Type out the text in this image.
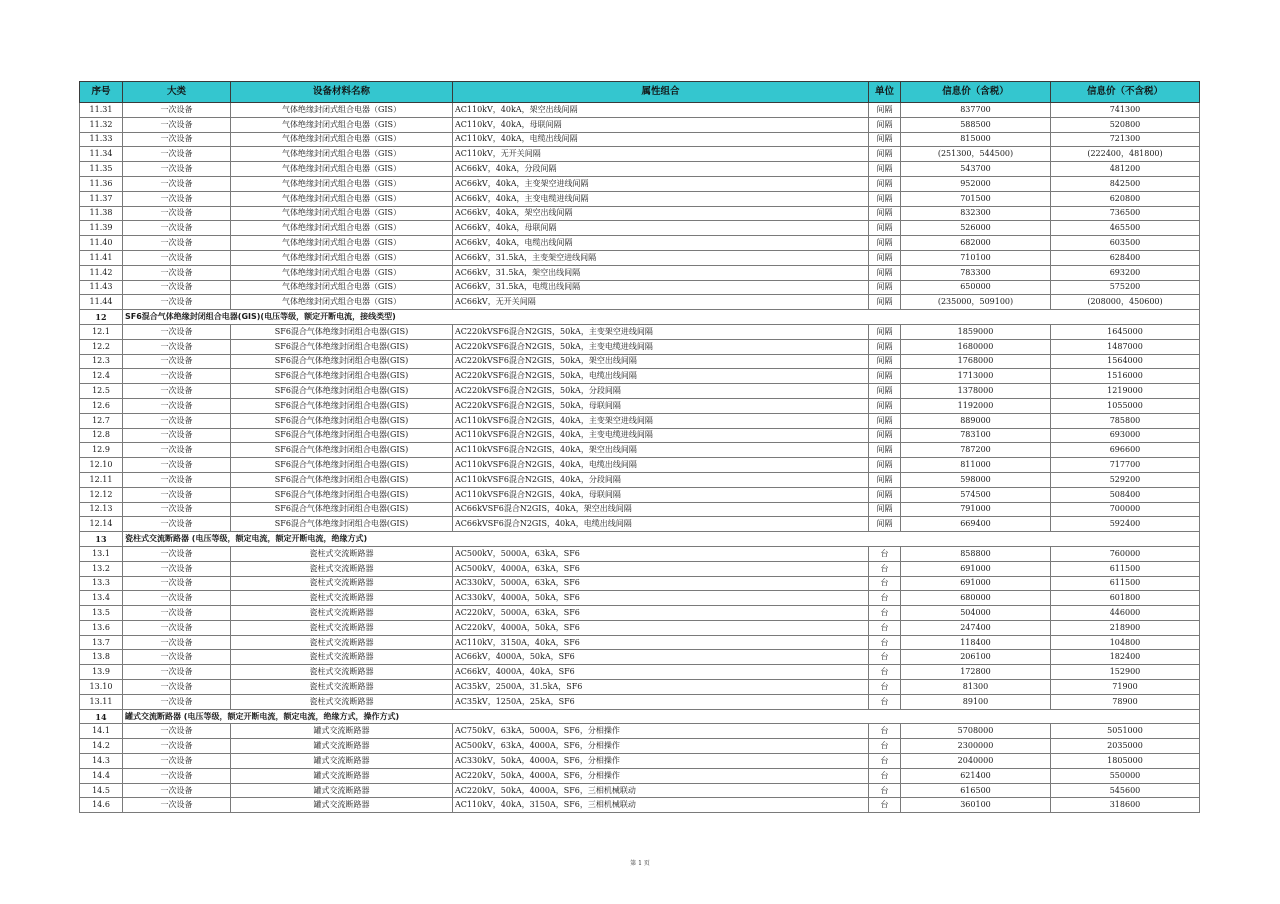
序号	大类	设备材料名称	属性组合	单位	信息价（含税）	信息价（不含税）
11.31	一次设备	气体绝缘封闭式组合电器（GIS）	AC110kV，40kA，架空出线间隔	间隔	837700	741300
11.32	一次设备	气体绝缘封闭式组合电器（GIS）	AC110kV，40kA，母联间隔	间隔	588500	520800
11.33	一次设备	气体绝缘封闭式组合电器（GIS）	AC110kV，40kA，电缆出线间隔	间隔	815000	721300
11.34	一次设备	气体绝缘封闭式组合电器（GIS）	AC110kV，无开关间隔	间隔	(251300，544500)	(222400，481800)
11.35	一次设备	气体绝缘封闭式组合电器（GIS）	AC66kV，40kA，分段间隔	间隔	543700	481200
11.36	一次设备	气体绝缘封闭式组合电器（GIS）	AC66kV，40kA，主变架空进线间隔	间隔	952000	842500
11.37	一次设备	气体绝缘封闭式组合电器（GIS）	AC66kV，40kA，主变电缆进线间隔	间隔	701500	620800
11.38	一次设备	气体绝缘封闭式组合电器（GIS）	AC66kV，40kA，架空出线间隔	间隔	832300	736500
11.39	一次设备	气体绝缘封闭式组合电器（GIS）	AC66kV，40kA，母联间隔	间隔	526000	465500
11.40	一次设备	气体绝缘封闭式组合电器（GIS）	AC66kV，40kA，电缆出线间隔	间隔	682000	603500
11.41	一次设备	气体绝缘封闭式组合电器（GIS）	AC66kV，31.5kA，主变架空进线间隔	间隔	710100	628400
11.42	一次设备	气体绝缘封闭式组合电器（GIS）	AC66kV，31.5kA，架空出线间隔	间隔	783300	693200
11.43	一次设备	气体绝缘封闭式组合电器（GIS）	AC66kV，31.5kA，电缆出线间隔	间隔	650000	575200
11.44	一次设备	气体绝缘封闭式组合电器（GIS）	AC66kV，无开关间隔	间隔	(235000，509100)	(208000，450600)
12	SF6混合气体绝缘封闭组合电器(GIS)(电压等级，额定开断电流，接线类型)					
12.1	一次设备	SF6混合气体绝缘封闭组合电器(GIS)	AC220kVSF6混合N2GIS，50kA，主变架空进线间隔	间隔	1859000	1645000
12.2	一次设备	SF6混合气体绝缘封闭组合电器(GIS)	AC220kVSF6混合N2GIS，50kA，主变电缆进线间隔	间隔	1680000	1487000
12.3	一次设备	SF6混合气体绝缘封闭组合电器(GIS)	AC220kVSF6混合N2GIS，50kA，架空出线间隔	间隔	1768000	1564000
12.4	一次设备	SF6混合气体绝缘封闭组合电器(GIS)	AC220kVSF6混合N2GIS，50kA，电缆出线间隔	间隔	1713000	1516000
12.5	一次设备	SF6混合气体绝缘封闭组合电器(GIS)	AC220kVSF6混合N2GIS，50kA，分段间隔	间隔	1378000	1219000
12.6	一次设备	SF6混合气体绝缘封闭组合电器(GIS)	AC220kVSF6混合N2GIS，50kA，母联间隔	间隔	1192000	1055000
12.7	一次设备	SF6混合气体绝缘封闭组合电器(GIS)	AC110kVSF6混合N2GIS，40kA，主变架空进线间隔	间隔	889000	785800
12.8	一次设备	SF6混合气体绝缘封闭组合电器(GIS)	AC110kVSF6混合N2GIS，40kA，主变电缆进线间隔	间隔	783100	693000
12.9	一次设备	SF6混合气体绝缘封闭组合电器(GIS)	AC110kVSF6混合N2GIS，40kA，架空出线间隔	间隔	787200	696600
12.10	一次设备	SF6混合气体绝缘封闭组合电器(GIS)	AC110kVSF6混合N2GIS，40kA，电缆出线间隔	间隔	811000	717700
12.11	一次设备	SF6混合气体绝缘封闭组合电器(GIS)	AC110kVSF6混合N2GIS，40kA，分段间隔	间隔	598000	529200
12.12	一次设备	SF6混合气体绝缘封闭组合电器(GIS)	AC110kVSF6混合N2GIS，40kA，母联间隔	间隔	574500	508400
12.13	一次设备	SF6混合气体绝缘封闭组合电器(GIS)	AC66kVSF6混合N2GIS，40kA，架空出线间隔	间隔	791000	700000
12.14	一次设备	SF6混合气体绝缘封闭组合电器(GIS)	AC66kVSF6混合N2GIS，40kA，电缆出线间隔	间隔	669400	592400
13	瓷柱式交流断路器 (电压等级，额定电流，额定开断电流，绝缘方式)					
13.1	一次设备	瓷柱式交流断路器	AC500kV，5000A，63kA，SF6	台	858800	760000
13.2	一次设备	瓷柱式交流断路器	AC500kV，4000A，63kA，SF6	台	691000	611500
13.3	一次设备	瓷柱式交流断路器	AC330kV，5000A，63kA，SF6	台	691000	611500
13.4	一次设备	瓷柱式交流断路器	AC330kV，4000A，50kA，SF6	台	680000	601800
13.5	一次设备	瓷柱式交流断路器	AC220kV，5000A，63kA，SF6	台	504000	446000
13.6	一次设备	瓷柱式交流断路器	AC220kV，4000A，50kA，SF6	台	247400	218900
13.7	一次设备	瓷柱式交流断路器	AC110kV，3150A，40kA，SF6	台	118400	104800
13.8	一次设备	瓷柱式交流断路器	AC66kV，4000A，50kA，SF6	台	206100	182400
13.9	一次设备	瓷柱式交流断路器	AC66kV，4000A，40kA，SF6	台	172800	152900
13.10	一次设备	瓷柱式交流断路器	AC35kV，2500A，31.5kA，SF6	台	81300	71900
13.11	一次设备	瓷柱式交流断路器	AC35kV，1250A，25kA，SF6	台	89100	78900
14	罐式交流断路器 (电压等级，额定开断电流，额定电流，绝缘方式，操作方式)					
14.1	一次设备	罐式交流断路器	AC750kV，63kA，5000A，SF6，分相操作	台	5708000	5051000
14.2	一次设备	罐式交流断路器	AC500kV，63kA，4000A，SF6，分相操作	台	2300000	2035000
14.3	一次设备	罐式交流断路器	AC330kV，50kA，4000A，SF6，分相操作	台	2040000	1805000
14.4	一次设备	罐式交流断路器	AC220kV，50kA，4000A，SF6，分相操作	台	621400	550000
14.5	一次设备	罐式交流断路器	AC220kV，50kA，4000A，SF6，三相机械联动	台	616500	545600
14.6	一次设备	罐式交流断路器	AC110kV，40kA，3150A，SF6，三相机械联动	台	360100	318600
第 1 页
